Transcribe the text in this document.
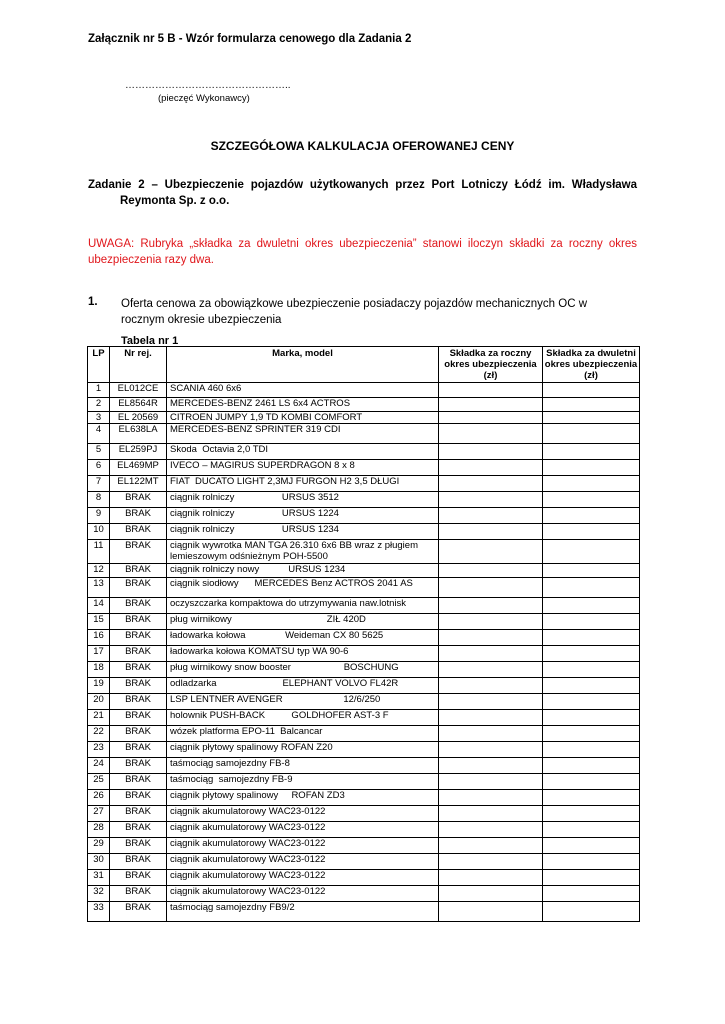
Załącznik nr 5 B - Wzór formularza cenowego dla Zadania 2
…………………………………………..
(pieczęć Wykonawcy)
SZCZEGÓŁOWA KALKULACJA OFEROWANEJ CENY
Zadanie 2 – Ubezpieczenie pojazdów użytkowanych przez Port Lotniczy Łódź im. Władysława
Reymonta Sp. z o.o.
UWAGA: Rubryka „składka za dwuletni okres ubezpieczenia” stanowi iloczyn składki za roczny okres
ubezpieczenia razy dwa.
1. Oferta cenowa za obowiązkowe ubezpieczenie posiadaczy pojazdów mechanicznych OC w rocznym okresie ubezpieczenia
Tabela nr 1
LP	Nr rej.	Marka, model	Składka za roczny okres ubezpieczenia (zł)	Składka za dwuletni okres ubezpieczenia (zł)
1	EL012CE	SCANIA 460 6x6		
2	EL8564R	MERCEDES-BENZ 2461 LS 6x4 ACTROS		
3	EL 20569	CITROEN JUMPY 1,9 TD KOMBI COMFORT		
4	EL638LA	MERCEDES-BENZ SPRINTER 319 CDI		
5	EL259PJ	Skoda  Octavia 2,0 TDI		
6	EL469MP	IVECO – MAGIRUS SUPERDRAGON 8 x 8		
7	EL122MT	FIAT  DUCATO LIGHT 2,3MJ FURGON H2 3,5 DŁUGI		
8	BRAK	ciągnik rolniczy                  URSUS 3512		
9	BRAK	ciągnik rolniczy                  URSUS 1224		
10	BRAK	ciągnik rolniczy                  URSUS 1234		
11	BRAK	ciągnik wywrotka MAN TGA 26.310 6x6 BB wraz z pługiem lemieszowym odśnieżnym POH-5500		
12	BRAK	ciągnik rolniczy nowy           URSUS 1234		
13	BRAK	ciągnik siodłowy      MERCEDES Benz ACTROS 2041 AS		
14	BRAK	oczyszczarka kompaktowa do utrzymywania naw.lotnisk		
15	BRAK	pług wirnikowy                                    ZIŁ 420D		
16	BRAK	ładowarka kołowa               Weideman CX 80 5625		
17	BRAK	ładowarka kołowa KOMATSU typ WA 90-6		
18	BRAK	pług wirnikowy snow booster                    BOSCHUNG		
19	BRAK	odladzarka                         ELEPHANT VOLVO FL42R		
20	BRAK	LSP LENTNER AVENGER                       12/6/250		
21	BRAK	holownik PUSH-BACK          GOLDHOFER AST-3 F		
22	BRAK	wózek platforma EPO-11  Balcancar		
23	BRAK	ciągnik płytowy spalinowy ROFAN Z20		
24	BRAK	taśmociąg samojezdny FB-8		
25	BRAK	taśmociąg  samojezdny FB-9		
26	BRAK	ciągnik płytowy spalinowy     ROFAN ZD3		
27	BRAK	ciągnik akumulatorowy WAC23-0122		
28	BRAK	ciągnik akumulatorowy WAC23-0122		
29	BRAK	ciągnik akumulatorowy WAC23-0122		
30	BRAK	ciągnik akumulatorowy WAC23-0122		
31	BRAK	ciągnik akumulatorowy WAC23-0122		
32	BRAK	ciągnik akumulatorowy WAC23-0122		
33	BRAK	taśmociąg samojezdny FB9/2		
